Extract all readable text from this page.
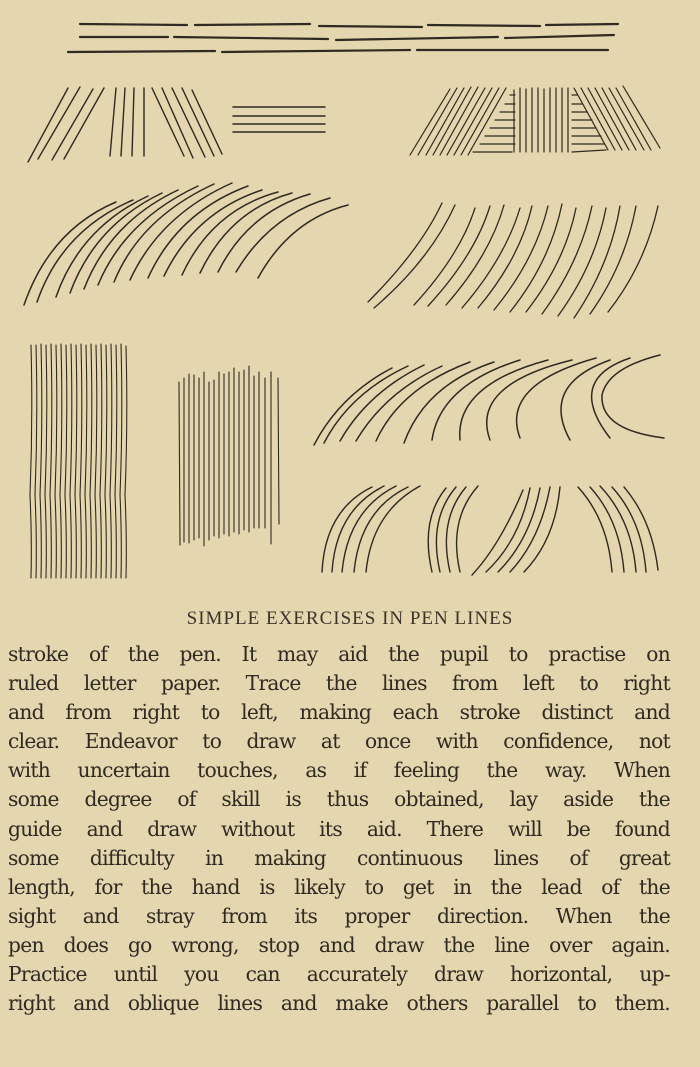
SIMPLE EXERCISES IN PEN LINES
stroke of the pen. It may aid the pupil to practise on
ruled letter paper. Trace the lines from left to right
and from right to left, making each stroke distinct and
clear. Endeavor to draw at once with confidence, not
with uncertain touches, as if feeling the way. When
some degree of skill is thus obtained, lay aside the
guide and draw without its aid. There will be found
some difficulty in making continuous lines of great
length, for the hand is likely to get in the lead of the
sight and stray from its proper direction. When the
pen does go wrong, stop and draw the line over again.
Practice until you can accurately draw horizontal, up-
right and oblique lines and make others parallel to them.
